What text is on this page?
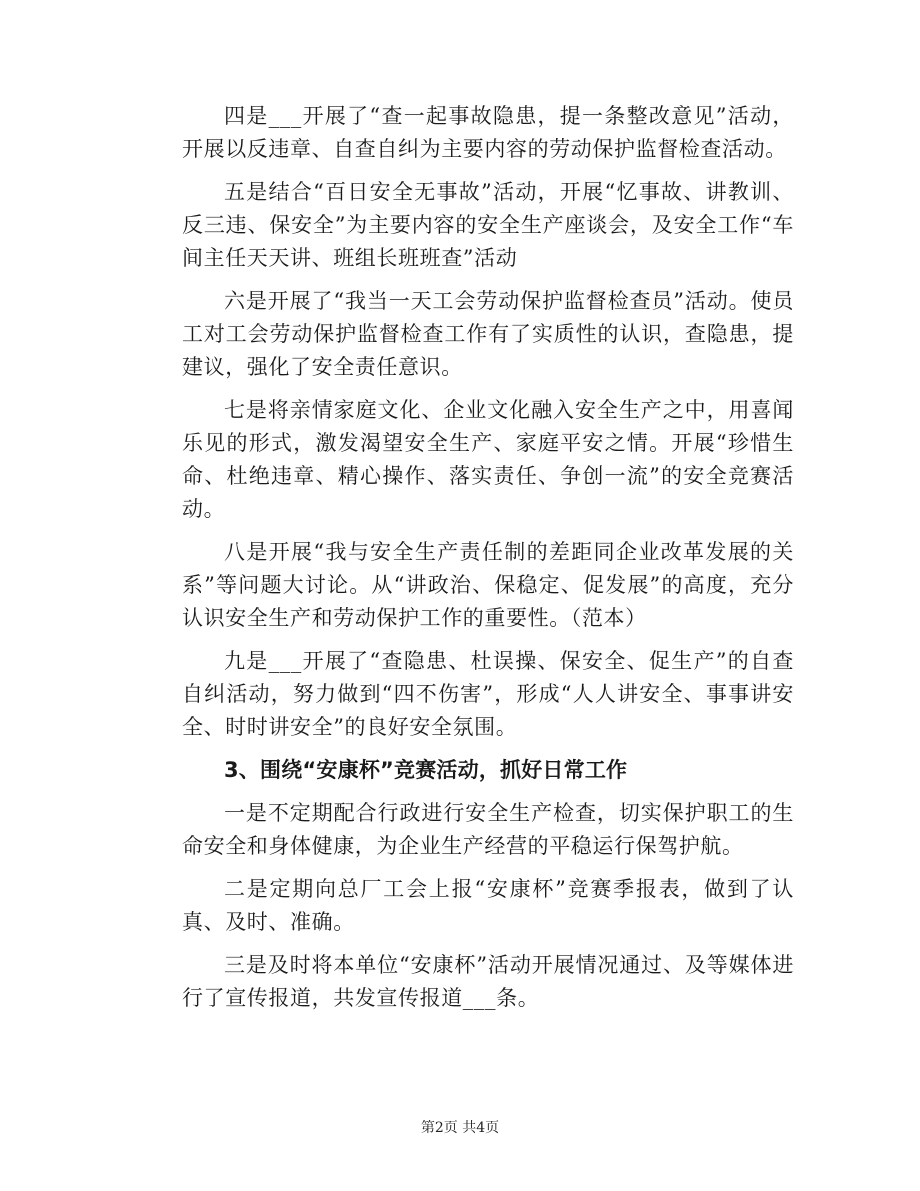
四是___开展了“查一起事故隐患，提一条整改意见”活动，开展以反违章、自查自纠为主要内容的劳动保护监督检查活动。

五是结合“百日安全无事故”活动，开展“忆事故、讲教训、反三违、保安全”为主要内容的安全生产座谈会，及安全工作“车间主任天天讲、班组长班班查”活动

六是开展了“我当一天工会劳动保护监督检查员”活动。使员工对工会劳动保护监督检查工作有了实质性的认识，查隐患，提建议，强化了安全责任意识。

七是将亲情家庭文化、企业文化融入安全生产之中，用喜闻乐见的形式，激发渴望安全生产、家庭平安之情。开展“珍惜生命、杜绝违章、精心操作、落实责任、争创一流”的安全竞赛活动。

八是开展“我与安全生产责任制的差距同企业改革发展的关系”等问题大讨论。从“讲政治、保稳定、促发展”的高度，充分认识安全生产和劳动保护工作的重要性。（范本）

九是___开展了“查隐患、杜误操、保安全、促生产”的自查自纠活动，努力做到“四不伤害”，形成“人人讲安全、事事讲安全、时时讲安全”的良好安全氛围。

3、围绕“安康杯”竞赛活动，抓好日常工作

一是不定期配合行政进行安全生产检查，切实保护职工的生命安全和身体健康，为企业生产经营的平稳运行保驾护航。

二是定期向总厂工会上报“安康杯”竞赛季报表，做到了认真、及时、准确。

三是及时将本单位“安康杯”活动开展情况通过、及等媒体进行了宣传报道，共发宣传报道___条。

第2页 共4页
